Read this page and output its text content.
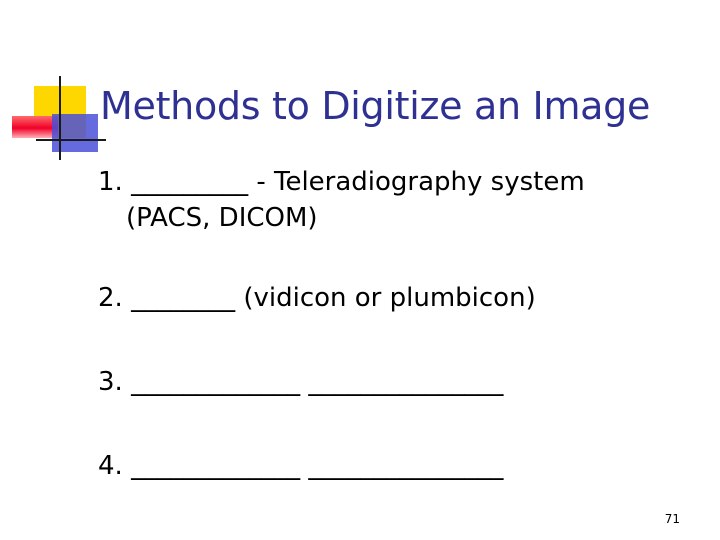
Methods to Digitize an Image
1. _________ - Teleradiography system
(PACS, DICOM)
2. ________ (vidicon or plumbicon)
3. _____________ _______________
4. _____________ _______________
71
